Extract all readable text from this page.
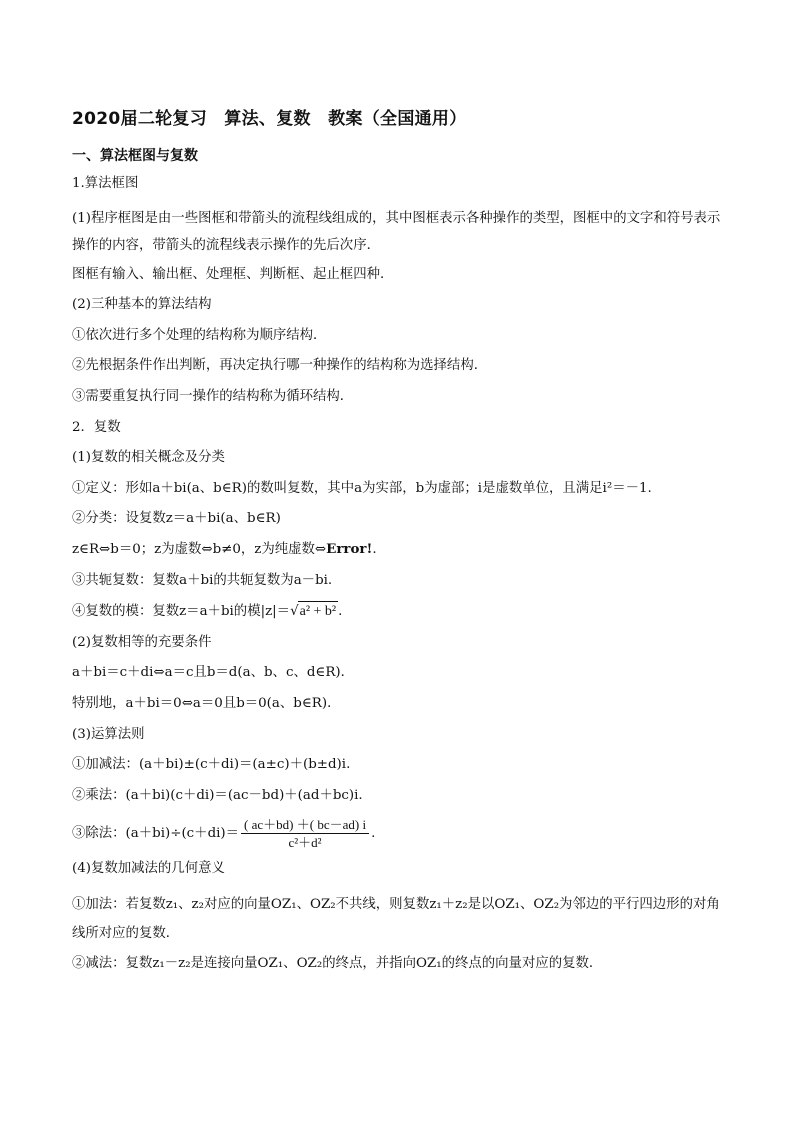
2020届二轮复习　算法、复数　教案（全国通用）
一、算法框图与复数

1.算法框图

(1)程序框图是由一些图框和带箭头的流程线组成的，其中图框表示各种操作的类型，图框中的文字和符号表示操作的内容，带箭头的流程线表示操作的先后次序．

图框有输入、输出框、处理框、判断框、起止框四种．

(2)三种基本的算法结构

①依次进行多个处理的结构称为顺序结构．

②先根据条件作出判断，再决定执行哪一种操作的结构称为选择结构．

③需要重复执行同一操作的结构称为循环结构．

2．复数

(1)复数的相关概念及分类

①定义：形如a＋bi(a、b∈R)的数叫复数，其中a为实部，b为虚部；i是虚数单位，且满足i²＝－1.

②分类：设复数z＝a＋bi(a、b∈R)

z∈R⇔b＝0；z为虚数⇔b≠0，z为纯虚数⇔Error!.

③共轭复数：复数a＋bi的共轭复数为a－bi.

④复数的模：复数z＝a＋bi的模|z|＝√a² + b² .

(2)复数相等的充要条件

a＋bi＝c＋di⇔a＝c且b＝d(a、b、c、d∈R)．

特别地，a＋bi＝0⇔a＝0且b＝0(a、b∈R)．

(3)运算法则

①加减法：(a＋bi)±(c＋di)＝(a±c)＋(b±d)i.

②乘法：(a＋bi)(c＋di)＝(ac－bd)＋(ad＋bc)i.

③除法：$(a+bi)\div(c+di)= \frac{( ac+bd) +( bc-ad) i}{\text{c²＋d²}}$ .

(4)复数加减法的几何意义

①加法：若复数z₁、z₂对应的向量OZ₁、OZ₂不共线，则复数z₁＋z₂是以OZ₁、OZ₂为邻边的平行四边形的对角线所对应的复数．

②减法：复数z₁－z₂是连接向量OZ₁、OZ₂的终点，并指向OZ₁的终点的向量对应的复数．
